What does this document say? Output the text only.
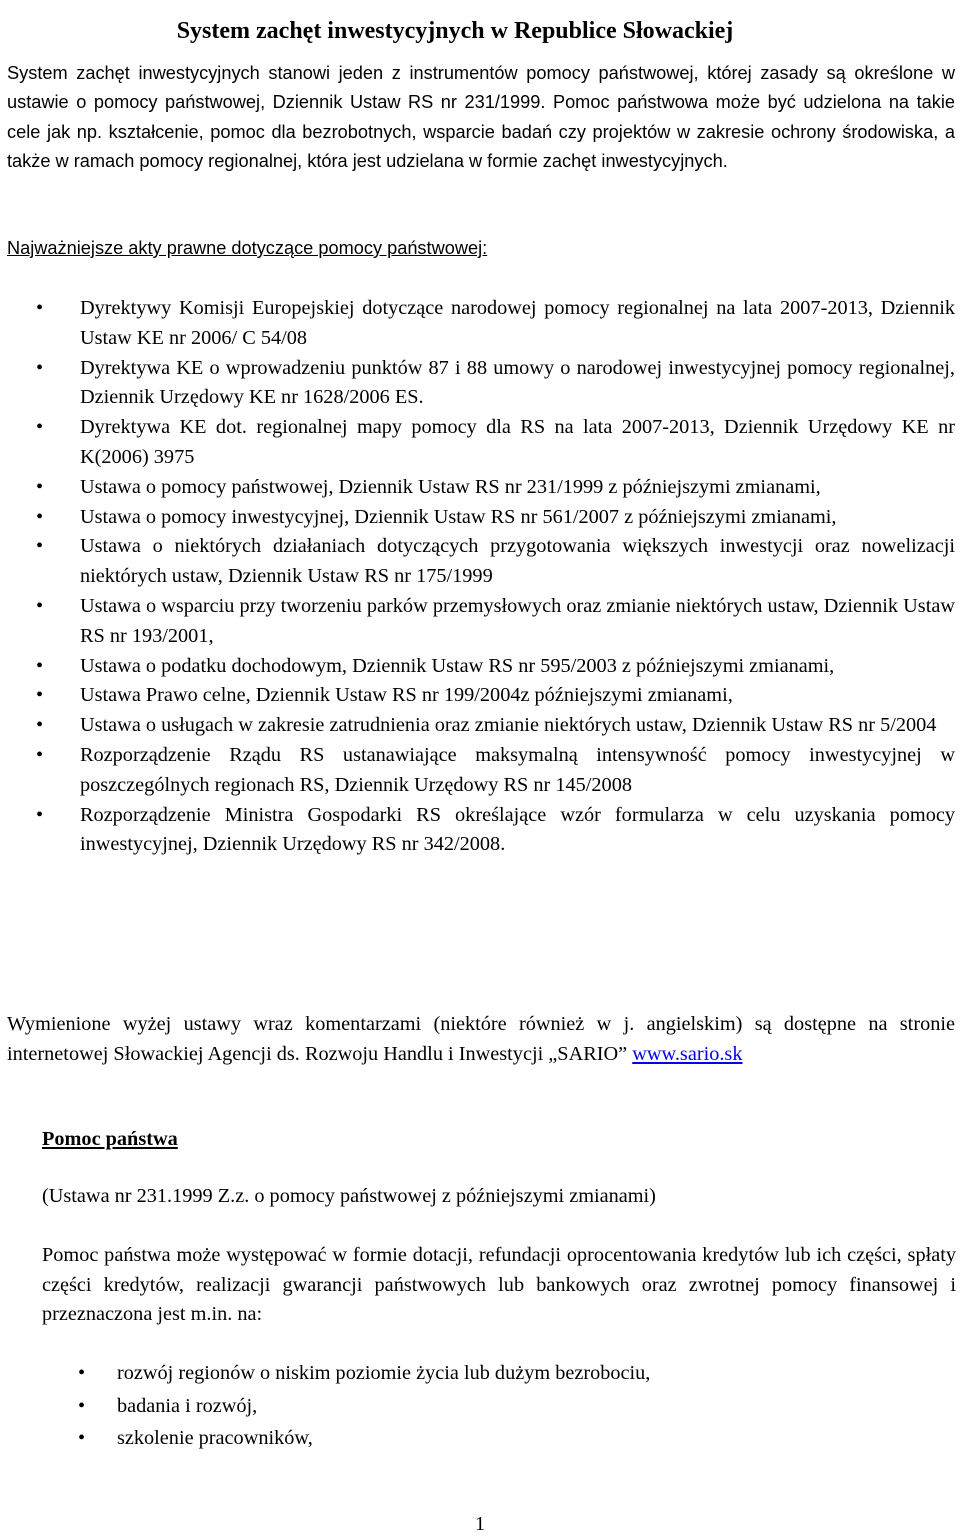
System zachęt inwestycyjnych w Republice Słowackiej

System zachęt inwestycyjnych stanowi jeden z instrumentów pomocy państwowej, której zasady są określone w ustawie o pomocy państwowej, Dziennik Ustaw RS nr 231/1999. Pomoc państwowa może być udzielona na takie cele jak np. kształcenie, pomoc dla bezrobotnych, wsparcie badań czy projektów w zakresie ochrony środowiska, a także w ramach pomocy regionalnej, która jest udzielana w formie zachęt inwestycyjnych.

Najważniejsze akty prawne dotyczące pomocy państwowej:

• Dyrektywy Komisji Europejskiej dotyczące narodowej pomocy regionalnej na lata 2007-2013, Dziennik Ustaw KE nr 2006/ C 54/08
• Dyrektywa KE o wprowadzeniu punktów 87 i 88 umowy o narodowej inwestycyjnej pomocy regionalnej, Dziennik Urzędowy KE nr 1628/2006 ES.
• Dyrektywa KE dot. regionalnej mapy pomocy dla RS na lata 2007-2013, Dziennik Urzędowy KE nr K(2006) 3975
• Ustawa o pomocy państwowej, Dziennik Ustaw RS nr 231/1999 z późniejszymi zmianami,
• Ustawa o pomocy inwestycyjnej, Dziennik Ustaw RS nr 561/2007 z późniejszymi zmianami,
• Ustawa o niektórych działaniach dotyczących przygotowania większych inwestycji oraz nowelizacji niektórych ustaw, Dziennik Ustaw RS nr 175/1999
• Ustawa o wsparciu przy tworzeniu parków przemysłowych oraz zmianie niektórych ustaw, Dziennik Ustaw RS nr 193/2001,
• Ustawa o podatku dochodowym, Dziennik Ustaw RS nr 595/2003 z późniejszymi zmianami,
• Ustawa Prawo celne, Dziennik Ustaw RS nr 199/2004z późniejszymi zmianami,
• Ustawa o usługach w zakresie zatrudnienia oraz zmianie niektórych ustaw, Dziennik Ustaw RS nr 5/2004
• Rozporządzenie Rządu RS ustanawiające maksymalną intensywność pomocy inwestycyjnej w poszczególnych regionach RS, Dziennik Urzędowy RS nr 145/2008
• Rozporządzenie Ministra Gospodarki RS określające wzór formularza w celu uzyskania pomocy inwestycyjnej, Dziennik Urzędowy RS nr 342/2008.

Wymienione wyżej ustawy wraz komentarzami (niektóre również w j. angielskim) są dostępne na stronie internetowej Słowackiej Agencji ds. Rozwoju Handlu i Inwestycji „SARIO” www.sario.sk

Pomoc państwa

(Ustawa nr 231.1999 Z.z. o pomocy państwowej z późniejszymi zmianami)

Pomoc państwa może występować w formie dotacji, refundacji oprocentowania kredytów lub ich części, spłaty części kredytów, realizacji gwarancji państwowych lub bankowych oraz zwrotnej pomocy finansowej i przeznaczona jest m.in. na:

• rozwój regionów o niskim poziomie życia lub dużym bezrobociu,
• badania i rozwój,
• szkolenie pracowników,
1
